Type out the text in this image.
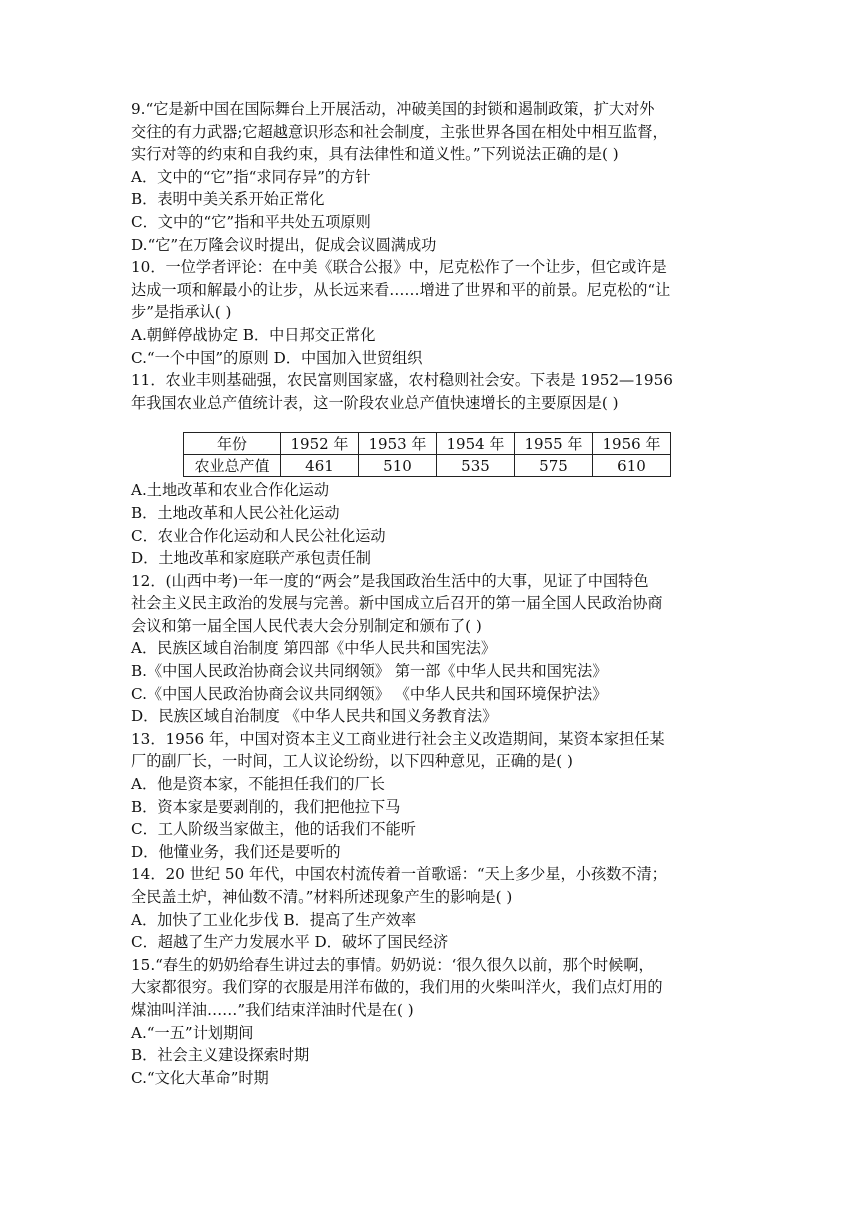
9.“它是新中国在国际舞台上开展活动，冲破美国的封锁和遏制政策，扩大对外
交往的有力武器;它超越意识形态和社会制度，主张世界各国在相处中相互监督，
实行对等的约束和自我约束，具有法律性和道义性。”下列说法正确的是( )
A．文中的“它”指“求同存异”的方针
B．表明中美关系开始正常化
C．文中的“它”指和平共处五项原则
D.“它”在万隆会议时提出，促成会议圆满成功
10．一位学者评论：在中美《联合公报》中，尼克松作了一个让步，但它或许是
达成一项和解最小的让步，从长远来看……增进了世界和平的前景。尼克松的“让
步”是指承认( )
A.朝鲜停战协定 B．中日邦交正常化
C.“一个中国”的原则 D．中国加入世贸组织
11．农业丰则基础强，农民富则国家盛，农村稳则社会安。下表是 1952—1956
年我国农业总产值统计表，这一阶段农业总产值快速增长的主要原因是( )
年份	1952 年	1953 年	1954 年	1955 年	1956 年
农业总产值	461	510	535	575	610
A.土地改革和农业合作化运动
B．土地改革和人民公社化运动
C．农业合作化运动和人民公社化运动
D．土地改革和家庭联产承包责任制
12．(山西中考)一年一度的“两会”是我国政治生活中的大事，见证了中国特色
社会主义民主政治的发展与完善。新中国成立后召开的第一届全国人民政治协商
会议和第一届全国人民代表大会分别制定和颁布了( )
A．民族区域自治制度 第四部《中华人民共和国宪法》
B.《中国人民政治协商会议共同纲领》 第一部《中华人民共和国宪法》
C.《中国人民政治协商会议共同纲领》 《中华人民共和国环境保护法》
D．民族区域自治制度 《中华人民共和国义务教育法》
13．1956 年，中国对资本主义工商业进行社会主义改造期间，某资本家担任某
厂的副厂长，一时间，工人议论纷纷，以下四种意见，正确的是( )
A．他是资本家，不能担任我们的厂长
B．资本家是要剥削的，我们把他拉下马
C．工人阶级当家做主，他的话我们不能听
D．他懂业务，我们还是要听的
14．20 世纪 50 年代，中国农村流传着一首歌谣：“天上多少星，小孩数不清；
全民盖土炉，神仙数不清。”材料所述现象产生的影响是( )
A．加快了工业化步伐 B．提高了生产效率
C．超越了生产力发展水平 D．破坏了国民经济
15.“春生的奶奶给春生讲过去的事情。奶奶说：‘很久很久以前，那个时候啊，
大家都很穷。我们穿的衣服是用洋布做的，我们用的火柴叫洋火，我们点灯用的
煤油叫洋油……”我们结束洋油时代是在( )
A.“一五”计划期间
B．社会主义建设探索时期
C.“文化大革命”时期
